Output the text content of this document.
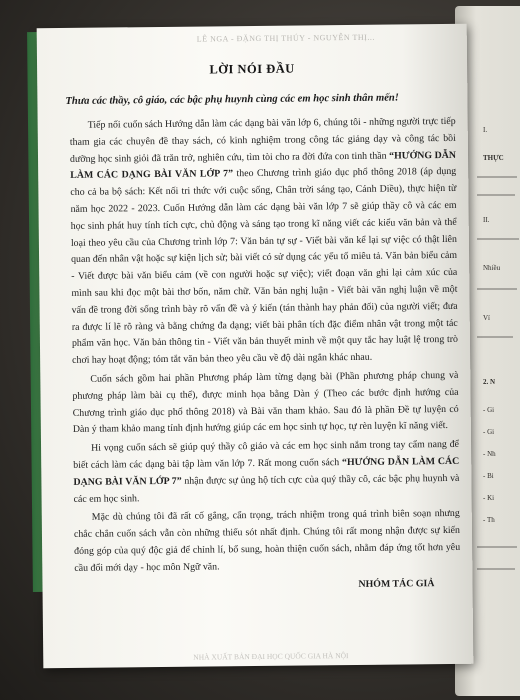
I.
THỰC
II.
Nhiều
Ví
2. N
- Gi
- Gi
- Nh
- Bi
- Ki
- Th
LÊ NGA - ĐẶNG THỊ THÚY - NGUYỄN THỊ...
LỜI NÓI ĐẦU
Thưa các thầy, cô giáo, các bậc phụ huynh cùng các em học sinh thân mến!

Tiếp nối cuốn sách Hướng dẫn làm các dạng bài văn lớp 6, chúng tôi - những người trực tiếp tham gia các chuyên đề thay sách, có kinh nghiệm trong công tác giảng dạy và công tác bồi dưỡng học sinh giỏi đã trăn trở, nghiên cứu, tìm tòi cho ra đời đứa con tinh thần “HƯỚNG DẪN LÀM CÁC DẠNG BÀI VĂN LỚP 7” theo Chương trình giáo dục phổ thông 2018 (áp dụng cho cả ba bộ sách: Kết nối tri thức với cuộc sống, Chân trời sáng tạo, Cánh Diều), thực hiện từ năm học 2022 - 2023. Cuốn Hướng dẫn làm các dạng bài văn lớp 7 sẽ giúp thầy cô và các em học sinh phát huy tính tích cực, chủ động và sáng tạo trong kĩ năng viết các kiểu văn bản và thể loại theo yêu cầu của Chương trình lớp 7: Văn bản tự sự - Viết bài văn kể lại sự việc có thật liên quan đến nhân vật hoặc sự kiện lịch sử; bài viết có sử dụng các yếu tố miêu tả. Văn bản biểu cảm - Viết được bài văn biểu cảm (về con người hoặc sự việc); viết đoạn văn ghi lại cảm xúc của mình sau khi đọc một bài thơ bốn, năm chữ. Văn bản nghị luận - Viết bài văn nghị luận về một vấn đề trong đời sống trình bày rõ vấn đề và ý kiến (tán thành hay phản đối) của người viết; đưa ra được lí lẽ rõ ràng và bằng chứng đa dạng; viết bài phân tích đặc điểm nhân vật trong một tác phẩm văn học. Văn bản thông tin - Viết văn bản thuyết minh về một quy tắc hay luật lệ trong trò chơi hay hoạt động; tóm tắt văn bản theo yêu cầu về độ dài ngắn khác nhau.

Cuốn sách gồm hai phần Phương pháp làm từng dạng bài (Phần phương pháp chung và phương pháp làm bài cụ thể), được minh họa bằng Dàn ý (Theo các bước định hướng của Chương trình giáo dục phổ thông 2018) và Bài văn tham khảo. Sau đó là phần Đề tự luyện có Dàn ý tham khảo mang tính định hướng giúp các em học sinh tự học, tự rèn luyện kĩ năng viết.

Hi vọng cuốn sách sẽ giúp quý thầy cô giáo và các em học sinh nắm trong tay cẩm nang để biết cách làm các dạng bài tập làm văn lớp 7. Rất mong cuốn sách “HƯỚNG DẪN LÀM CÁC DẠNG BÀI VĂN LỚP 7” nhận được sự ủng hộ tích cực của quý thầy cô, các bậc phụ huynh và các em học sinh.

Mặc dù chúng tôi đã rất cố gắng, cẩn trọng, trách nhiệm trong quá trình biên soạn nhưng chắc chắn cuốn sách vẫn còn những thiếu sót nhất định. Chúng tôi rất mong nhận được sự kiến đóng góp của quý độc giả để chỉnh lí, bổ sung, hoàn thiện cuốn sách, nhằm đáp ứng tốt hơn yêu cầu đổi mới dạy - học môn Ngữ văn.

NHÓM TÁC GIẢ

NHÀ XUẤT BẢN ĐẠI HỌC QUỐC GIA HÀ NỘI
